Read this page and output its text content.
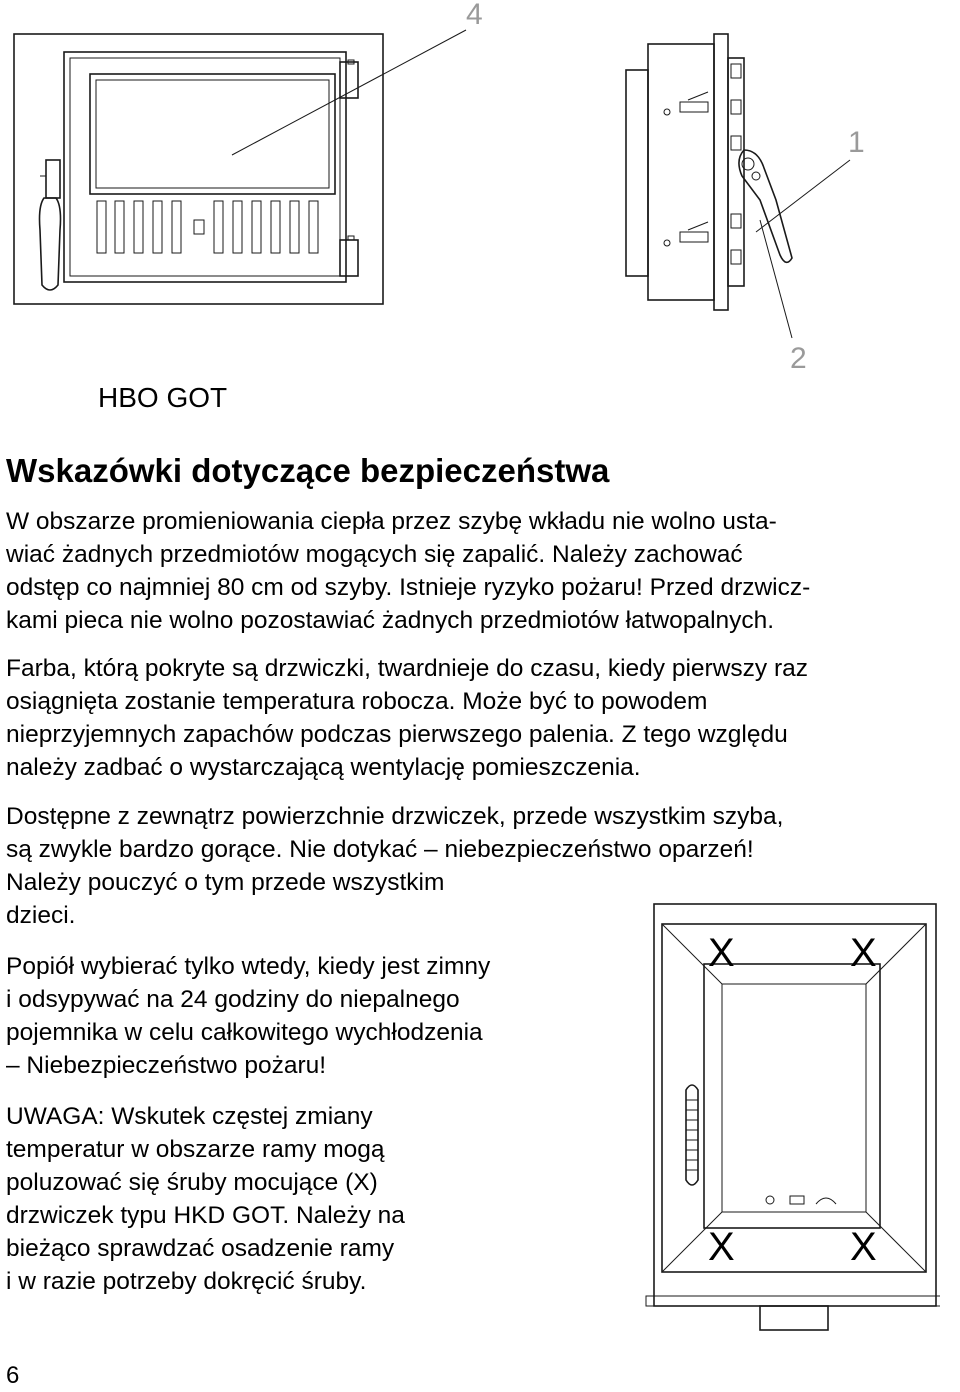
4
1
2
X	X
X	X
HBO GOT
Wskazówki dotyczące bezpieczeństwa

W obszarze promieniowania ciepła przez szybę wkładu nie wolno usta-
wiać żadnych przedmiotów mogących się zapalić. Należy zachować
odstęp co najmniej 80 cm od szyby. Istnieje ryzyko pożaru! Przed drzwicz-
kami pieca nie wolno pozostawiać żadnych przedmiotów łatwopalnych.

Farba, którą pokryte są drzwiczki, twardnieje do czasu, kiedy pierwszy raz
osiągnięta zostanie temperatura robocza. Może być to powodem
nieprzyjemnych zapachów podczas pierwszego palenia. Z tego względu
należy zadbać o wystarczającą wentylację pomieszczenia.

Dostępne z zewnątrz powierzchnie drzwiczek, przede wszystkim szyba,
są zwykle bardzo gorące. Nie dotykać – niebezpieczeństwo oparzeń!
Należy pouczyć o tym przede wszystkim
dzieci.

Popiół wybierać tylko wtedy, kiedy jest zimny
i odsypywać na 24 godziny do niepalnego
pojemnika w celu całkowitego wychłodzenia
– Niebezpieczeństwo pożaru!

UWAGA: Wskutek częstej zmiany
temperatur w obszarze ramy mogą
poluzować się śruby mocujące (X)
drzwiczek typu HKD GOT. Należy na
bieżąco sprawdzać osadzenie ramy
i w razie potrzeby dokręcić śruby.

6
